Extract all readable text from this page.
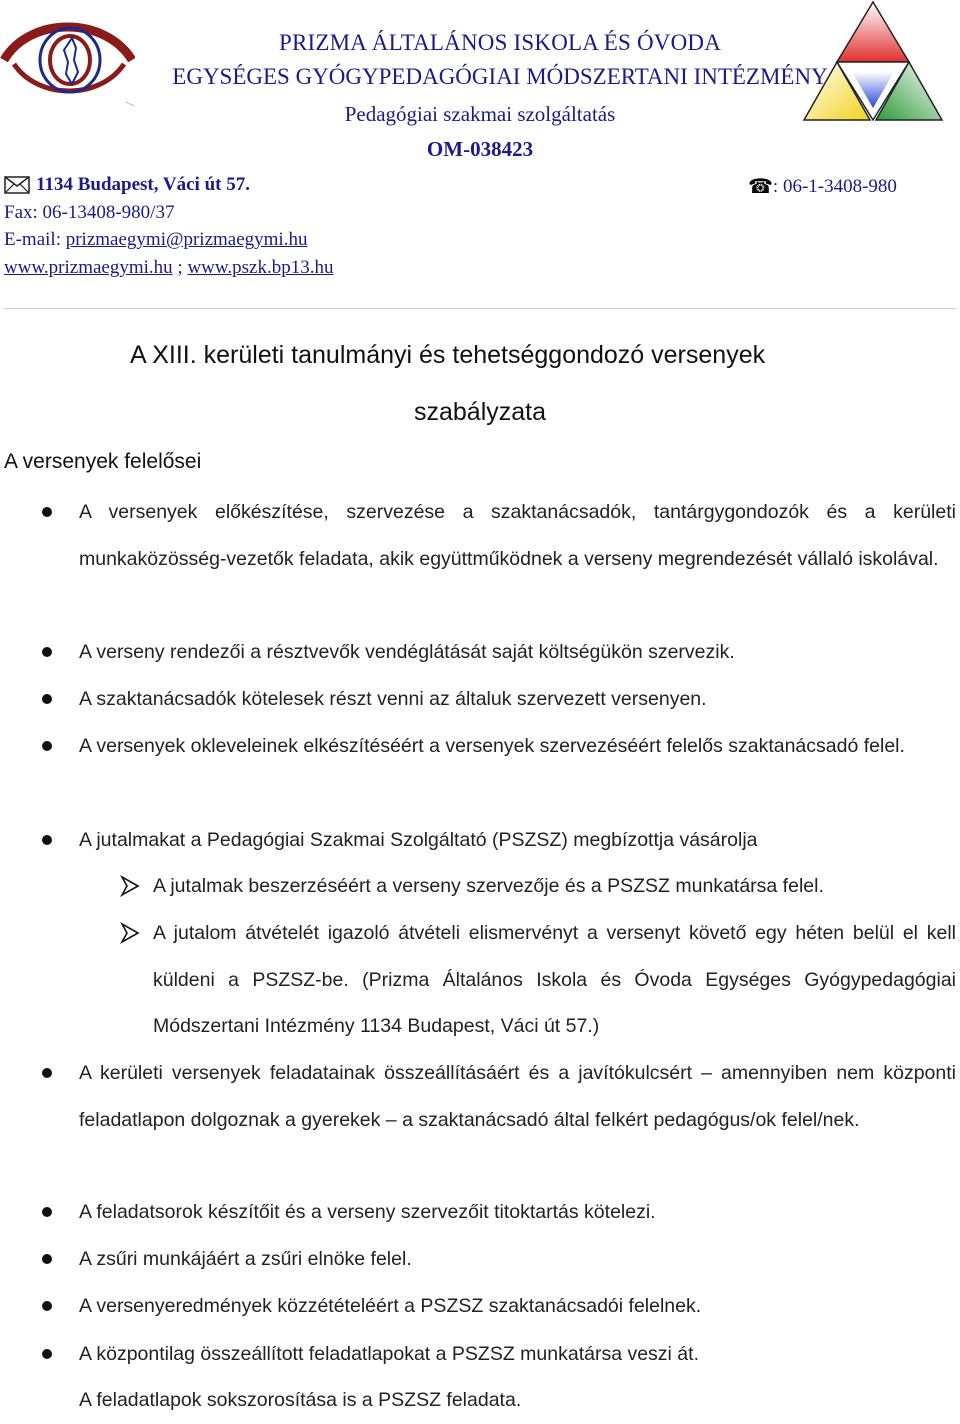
PRIZMA ÁLTALÁNOS ISKOLA ÉS ÓVODA
EGYSÉGES GYÓGYPEDAGÓGIAI MÓDSZERTANI INTÉZMÉNY
Pedagógiai szakmai szolgáltatás
OM-038423
1134 Budapest, Váci út 57.	☎ : 06-1-3408-980
Fax: 06-13408-980/37
E-mail: prizmaegymi@prizmaegymi.hu
www.prizmaegymi.hu ; www.pszk.bp13.hu
A XIII. kerületi tanulmányi és tehetséggondozó versenyek
szabályzata
A versenyek felelősei
A versenyek előkészítése, szervezése a szaktanácsadók, tantárgygondozók és a kerületi munkaközösség-vezetők feladata, akik együttműködnek a verseny megrendezését vállaló iskolával.
A verseny rendezői a résztvevők vendéglátását saját költségükön szervezik.
A szaktanácsadók kötelesek részt venni az általuk szervezett versenyen.
A versenyek okleveleinek elkészítéséért a versenyek szervezéséért felelős szaktanácsadó felel.
A jutalmakat a Pedagógiai Szakmai Szolgáltató (PSZSZ) megbízottja vásárolja
A jutalmak beszerzéséért a verseny szervezője és a PSZSZ munkatársa felel.
A jutalom átvételét igazoló átvételi elismervényt a versenyt követő egy héten belül el kell küldeni a PSZSZ-be. (Prizma Általános Iskola és Óvoda Egységes Gyógypedagógiai Módszertani Intézmény 1134 Budapest, Váci út 57.)
A kerületi versenyek feladatainak összeállításáért és a javítókulcsért – amennyiben nem központi feladatlapon dolgoznak a gyerekek – a szaktanácsadó által felkért pedagógus/ok felel/nek.
A feladatsorok készítőit és a verseny szervezőit titoktartás kötelezi.
A zsűri munkájáért a zsűri elnöke felel.
A versenyeredmények közzétételéért a PSZSZ szaktanácsadói felelnek.
A központilag összeállított feladatlapokat a PSZSZ munkatársa veszi át.
A feladatlapok sokszorosítása is a PSZSZ feladata.
